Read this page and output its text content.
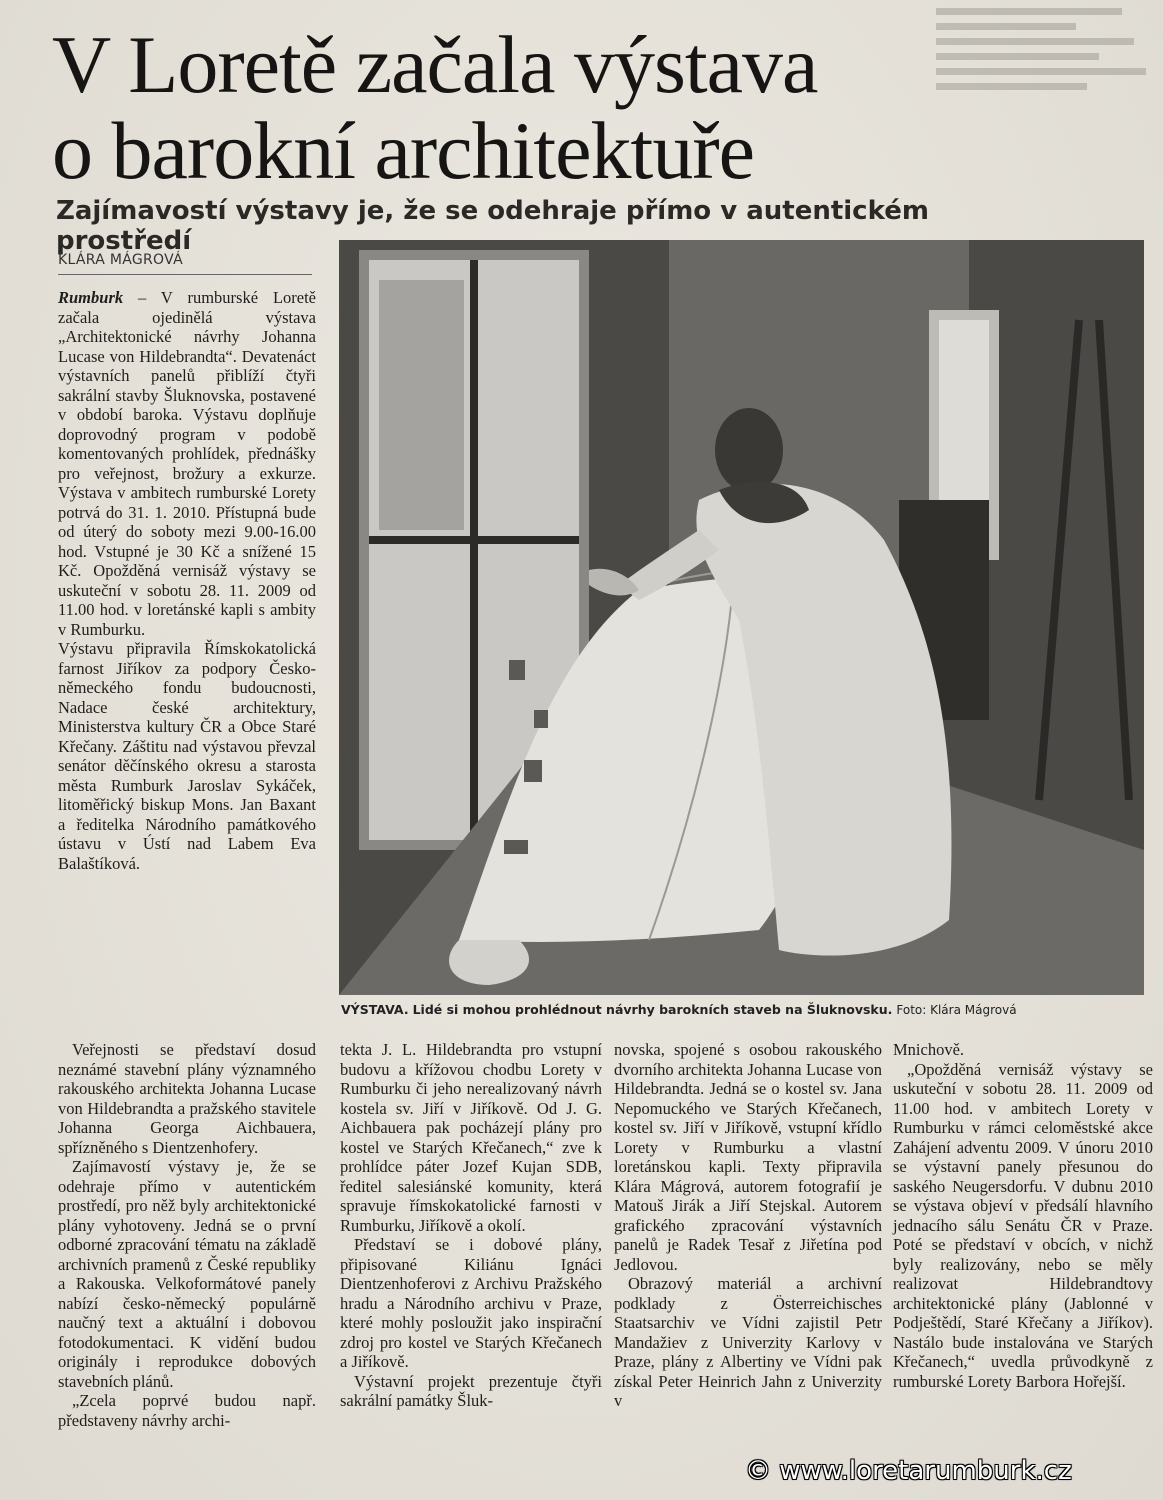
V Loretě začala výstava
o barokní architektuře
Zajímavostí výstavy je, že se odehraje přímo v autentickém prostředí
KLÁRA MÁGROVÁ
VÝSTAVA. Lidé si mohou prohlédnout návrhy barokních staveb na Šluknovsku. Foto: Klára Mágrová

Rumburk – V rumburské Loretě začala ojedinělá výstava „Architektonické návrhy Johanna Lucase von Hildebrandta“. Devatenáct výstavních panelů přiblíží čtyři sakrální stavby Šluknovska, postavené v období baroka. Výstavu doplňuje doprovodný program v podobě komentovaných prohlídek, přednášky pro veřejnost, brožury a exkurze. Výstava v ambitech rumburské Lorety potrvá do 31. 1. 2010. Přístupná bude od úterý do soboty mezi 9.00-16.00 hod. Vstupné je 30 Kč a snížené 15 Kč. Opožděná vernisáž výstavy se uskuteční v sobotu 28. 11. 2009 od 11.00 hod. v loretánské kapli s ambity v Rumburku.

Výstavu připravila Římskokatolická farnost Jiříkov za podpory Česko-německého fondu budoucnosti, Nadace české architektury, Ministerstva kultury ČR a Obce Staré Křečany. Záštitu nad výstavou převzal senátor děčínského okresu a starosta města Rumburk Jaroslav Sykáček, litoměřický biskup Mons. Jan Baxant a ředitelka Národního památkového ústavu v Ústí nad Labem Eva Balaštíková.

Veřejnosti se představí dosud neznámé stavební plány významného rakouského architekta Johanna Lucase von Hildebrandta a pražského stavitele Johanna Georga Aichbauera, spřízněného s Dientzenhofery.

Zajímavostí výstavy je, že se odehraje přímo v autentickém prostředí, pro něž byly architektonické plány vyhotoveny. Jedná se o první odborné zpracování tématu na základě archivních pramenů z České republiky a Rakouska. Velkoformátové panely nabízí česko-německý populárně naučný text a aktuální i dobovou fotodokumentaci. K vidění budou originály i reprodukce dobových stavebních plánů.

„Zcela poprvé budou např. představeny návrhy archi-

tekta J. L. Hildebrandta pro vstupní budovu a křížovou chodbu Lorety v Rumburku či jeho nerealizovaný návrh kostela sv. Jiří v Jiříkově. Od J. G. Aichbauera pak pocházejí plány pro kostel ve Starých Křečanech,“ zve k prohlídce páter Jozef Kujan SDB, ředitel salesiánské komunity, která spravuje římskokatolické farnosti v Rumburku, Jiříkově a okolí.

Představí se i dobové plány, připisované Kiliánu Ignáci Dientzenhoferovi z Archivu Pražského hradu a Národního archivu v Praze, které mohly posloužit jako inspirační zdroj pro kostel ve Starých Křečanech a Jiříkově.

Výstavní projekt prezentuje čtyři sakrální památky Šluk-

novska, spojené s osobou rakouského dvorního architekta Johanna Lucase von Hildebrandta. Jedná se o kostel sv. Jana Nepomuckého ve Starých Křečanech, kostel sv. Jiří v Jiříkově, vstupní křídlo Lorety v Rumburku a vlastní loretánskou kapli. Texty připravila Klára Mágrová, autorem fotografií je Matouš Jirák a Jiří Stejskal. Autorem grafického zpracování výstavních panelů je Radek Tesař z Jiřetína pod Jedlovou.

Obrazový materiál a archivní podklady z Österreichisches Staatsarchiv ve Vídni zajistil Petr Mandažiev z Univerzity Karlovy v Praze, plány z Albertiny ve Vídni pak získal Peter Heinrich Jahn z Univerzity v

Mnichově.

„Opožděná vernisáž výstavy se uskuteční v sobotu 28. 11. 2009 od 11.00 hod. v ambitech Lorety v Rumburku v rámci celoměstské akce Zahájení adventu 2009. V únoru 2010 se výstavní panely přesunou do saského Neugersdorfu. V dubnu 2010 se výstava objeví v předsálí hlavního jednacího sálu Senátu ČR v Praze. Poté se představí v obcích, v nichž byly realizovány, nebo se měly realizovat Hildebrandtovy architektonické plány (Jablonné v Podještědí, Staré Křečany a Jiříkov). Nastálo bude instalována ve Starých Křečanech,“ uvedla průvodkyně z rumburské Lorety Barbora Hořejší.

© www.loretarumburk.cz
